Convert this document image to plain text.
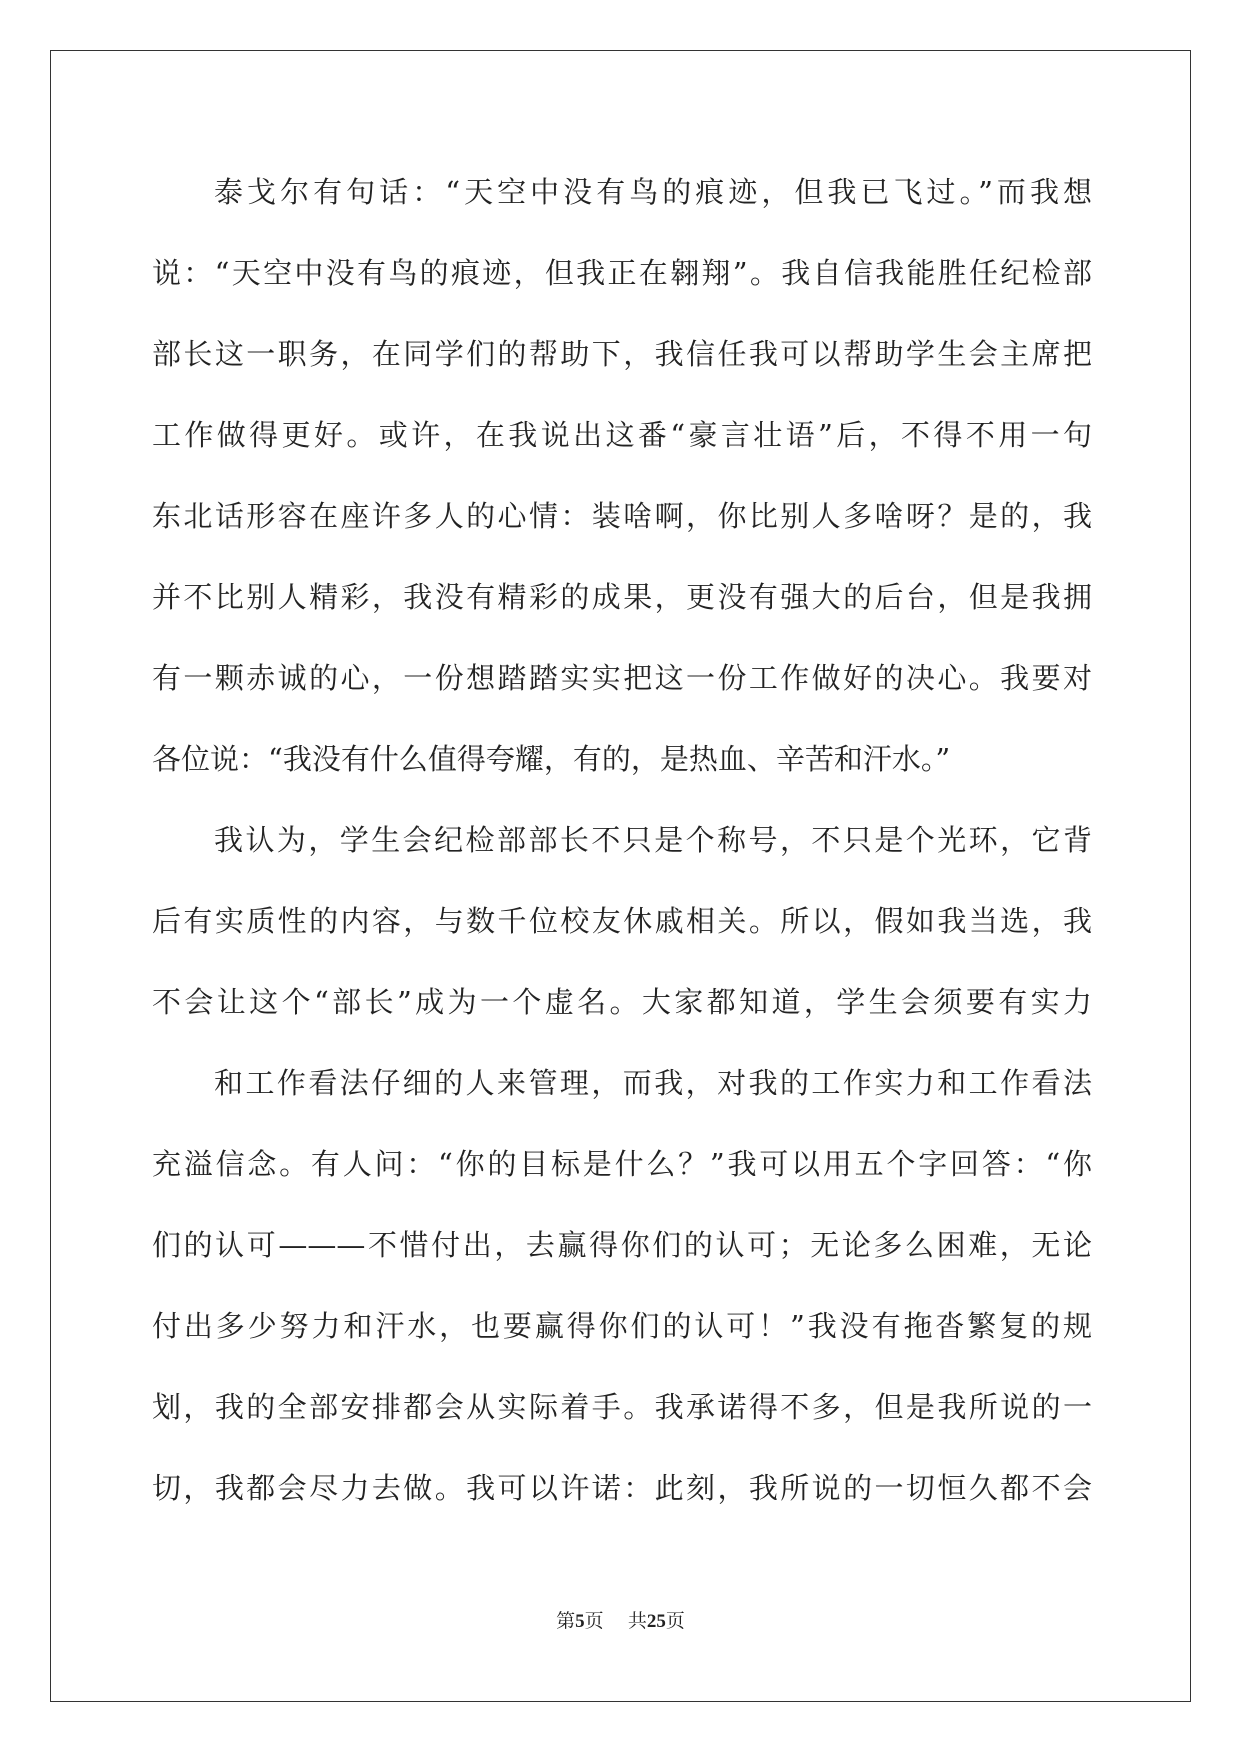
泰戈尔有句话：“天空中没有鸟的痕迹，但我已飞过。”而我想
说：“天空中没有鸟的痕迹，但我正在翱翔”。我自信我能胜任纪检部
部长这一职务，在同学们的帮助下，我信任我可以帮助学生会主席把
工作做得更好。或许，在我说出这番“豪言壮语”后，不得不用一句
东北话形容在座许多人的心情：装啥啊，你比别人多啥呀？是的，我
并不比别人精彩，我没有精彩的成果，更没有强大的后台，但是我拥
有一颗赤诚的心，一份想踏踏实实把这一份工作做好的决心。我要对
各位说：“我没有什么值得夸耀，有的，是热血、辛苦和汗水。”
我认为，学生会纪检部部长不只是个称号，不只是个光环，它背
后有实质性的内容，与数千位校友休戚相关。所以，假如我当选，我
不会让这个“部长”成为一个虚名。大家都知道，学生会须要有实力
和工作看法仔细的人来管理，而我，对我的工作实力和工作看法
充溢信念。有人问：“你的目标是什么？”我可以用五个字回答：“你
们的认可———不惜付出，去赢得你们的认可；无论多么困难，无论
付出多少努力和汗水，也要赢得你们的认可！”我没有拖沓繁复的规
划，我的全部安排都会从实际着手。我承诺得不多，但是我所说的一
切，我都会尽力去做。我可以许诺：此刻，我所说的一切恒久都不会
第5页 共25页
